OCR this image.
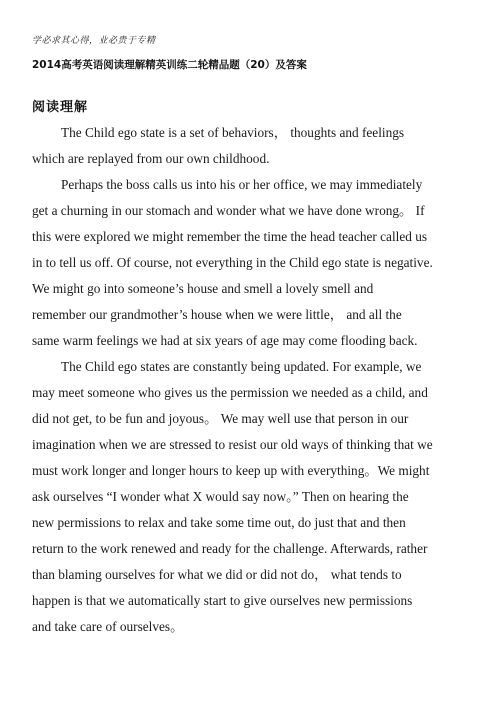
学必求其心得，业必贵于专精
2014高考英语阅读理解精英训练二轮精品题（20）及答案
阅读理解
The Child ego state is a set of behaviors， thoughts and feelings
which are replayed from our own childhood.
Perhaps the boss calls us into his or her office, we may immediately
get a churning in our stomach and wonder what we have done wrong。 If
this were explored we might remember the time the head teacher called us
in to tell us off. Of course, not everything in the Child ego state is negative.
We might go into someone’s house and smell a lovely smell and
remember our grandmother’s house when we were little， and all the
same warm feelings we had at six years of age may come flooding back.
The Child ego states are constantly being updated. For example, we
may meet someone who gives us the permission we needed as a child, and
did not get, to be fun and joyous。 We may well use that person in our
imagination when we are stressed to resist our old ways of thinking that we
must work longer and longer hours to keep up with everything。We might
ask ourselves “I wonder what X would say now。” Then on hearing the
new permissions to relax and take some time out, do just that and then
return to the work renewed and ready for the challenge. Afterwards, rather
than blaming ourselves for what we did or did not do， what tends to
happen is that we automatically start to give ourselves new permissions
and take care of ourselves。
